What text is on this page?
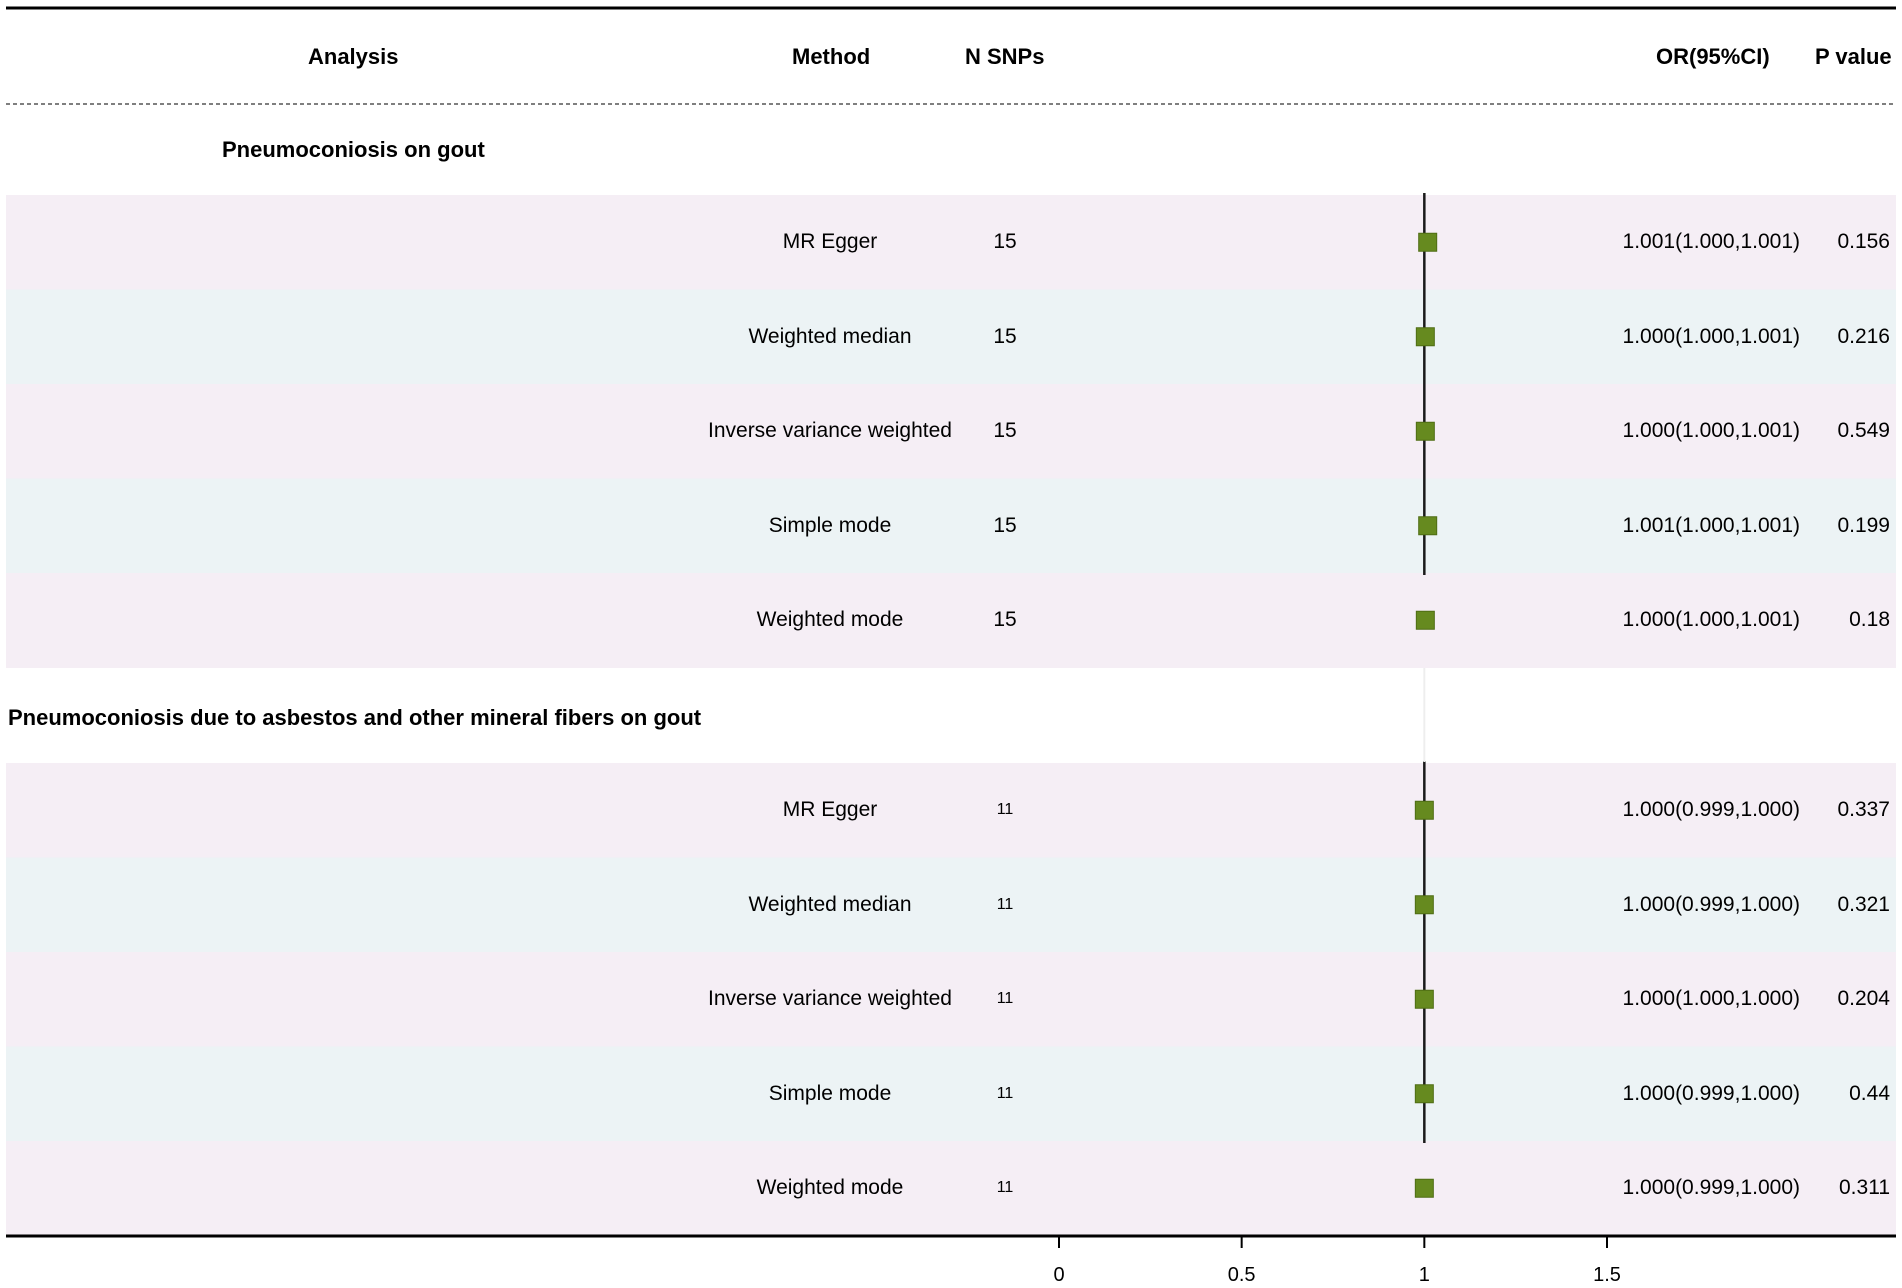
Analysis	Method	N SNPs	OR(95%CI) P value
Pneumoconiosis on gout
MR Egger	15	1.001(1.000,1.001)	0.156
Weighted median	15	1.000(1.000,1.001)	0.216
Inverse variance weighted	15	1.000(1.000,1.001)	0.549
Simple mode	15	1.001(1.000,1.001)	0.199
Weighted mode	15	1.000(1.000,1.001)	0.18
Pneumoconiosis due to asbestos and other mineral fibers on gout
MR Egger	11	1.000(0.999,1.000)	0.337
Weighted median	11	1.000(0.999,1.000)	0.321
Inverse variance weighted	11	1.000(1.000,1.000)	0.204
Simple mode	11	1.000(0.999,1.000)	0.44
Weighted mode	11	1.000(0.999,1.000)	0.311
0	0.5	1	1.5
